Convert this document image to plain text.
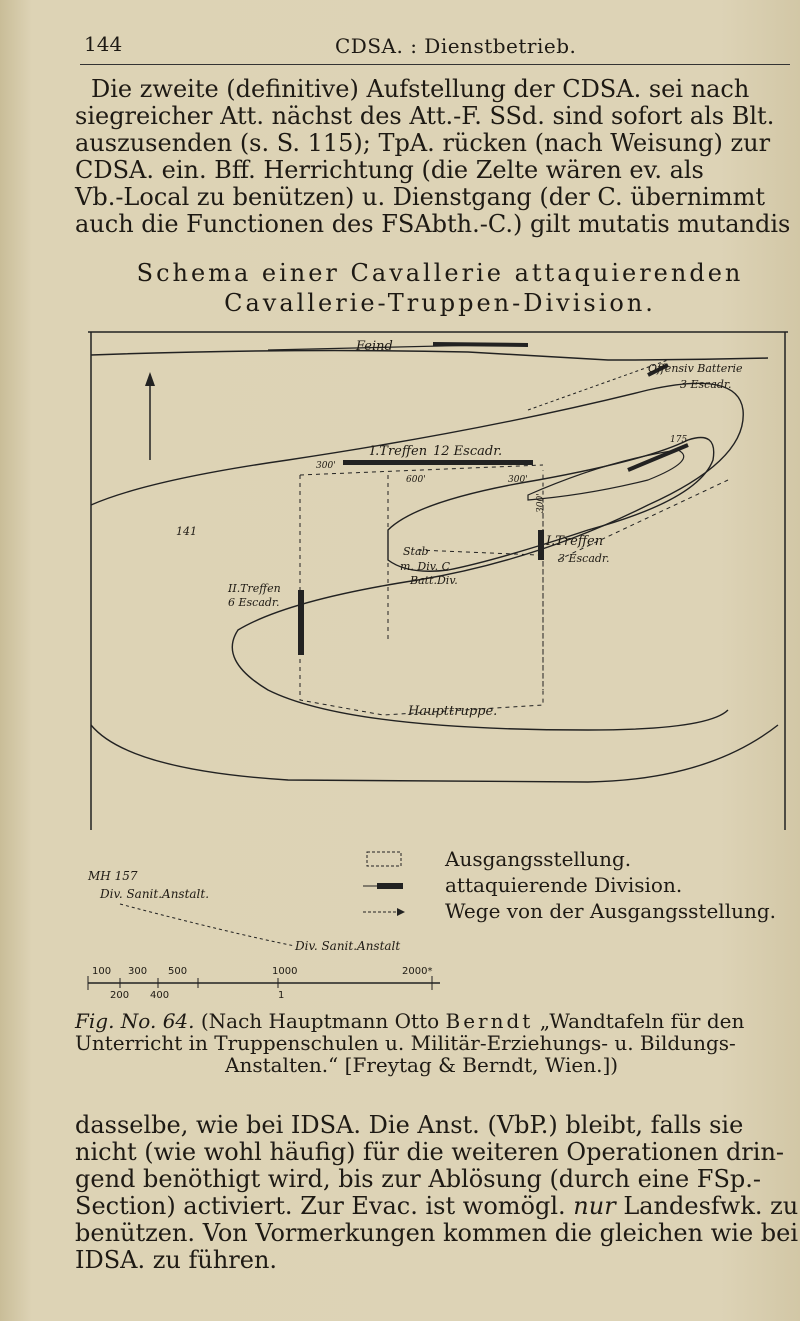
144	CDSA. : Dienstbetrieb.

Die zweite (definitive) Aufstellung der CDSA. sei nach
siegreicher Att. nächst des Att.-F. SSd. sind sofort als Blt.
auszusenden (s. S. 115); TpA. rücken (nach Weisung) zur
CDSA. ein. Bff. Herrichtung (die Zelte wären ev. als
Vb.-Local zu benützen) u. Dienstgang (der C. übernimmt
auch die Functionen des FSAbth.-C.) gilt mutatis mutandis

Schema einer Cavallerie attaquierenden
Cavallerie-Truppen-Division.
Feind
Offensiv Batterie
3 Escadr.
I.Treffen 12 Escadr.
300'
600'	300'
300'
175
141
I.Treffen
3 Escadr.
II.Treffen
6 Escadr.
Stab
m. Div. C
Batt.Div.
Haupttruppe.
MH 157
Div. Sanit.Anstalt.
Div. Sanit.Anstalt
100 300 500	1000	2000*
200 400	1
Ausgangsstellung.
attaquierende Division.
Wege von der Ausgangsstellung.
Fig. No. 64. (Nach Hauptmann Otto Berndt „Wandtafeln für den
Unterricht in Truppenschulen u. Militär-Erziehungs- u. Bildungs-
Anstalten.“ [Freytag & Berndt, Wien.])

dasselbe, wie bei IDSA. Die Anst. (VbP.) bleibt, falls sie
nicht (wie wohl häufig) für die weiteren Operationen drin-
gend benöthigt wird, bis zur Ablösung (durch eine FSp.-
Section) activiert. Zur Evac. ist womögl. nur Landesfwk. zu
benützen. Von Vormerkungen kommen die gleichen wie bei
IDSA. zu führen.
